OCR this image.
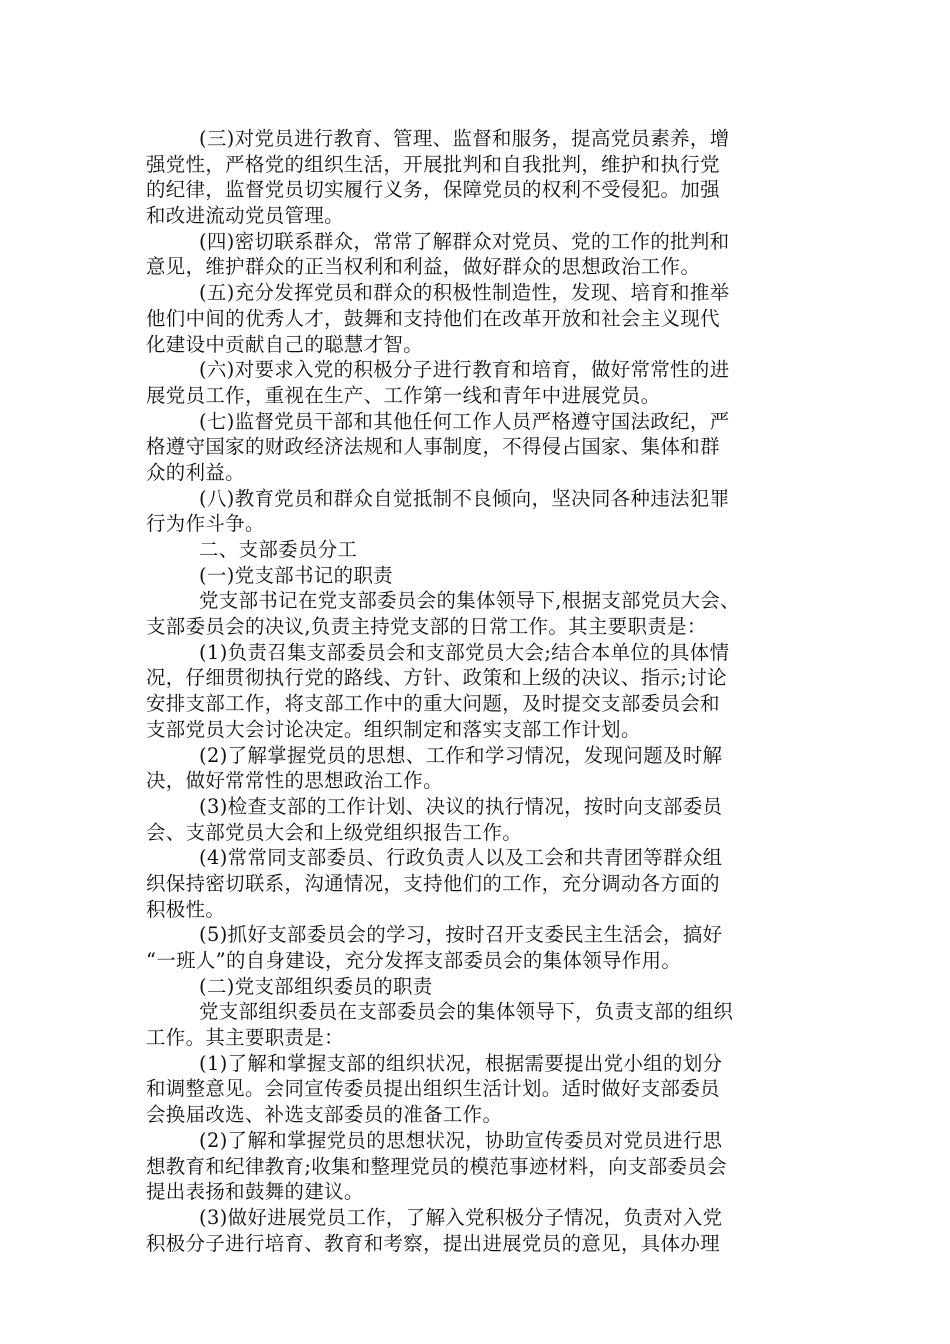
(三)对党员进行教育、管理、监督和服务，提高党员素养，增
强党性，严格党的组织生活，开展批判和自我批判，维护和执行党
的纪律，监督党员切实履行义务，保障党员的权利不受侵犯。加强
和改进流动党员管理。
(四)密切联系群众，常常了解群众对党员、党的工作的批判和
意见，维护群众的正当权利和利益，做好群众的思想政治工作。
(五)充分发挥党员和群众的积极性制造性，发现、培育和推举
他们中间的优秀人才，鼓舞和支持他们在改革开放和社会主义现代
化建设中贡献自己的聪慧才智。
(六)对要求入党的积极分子进行教育和培育，做好常常性的进
展党员工作，重视在生产、工作第一线和青年中进展党员。
(七)监督党员干部和其他任何工作人员严格遵守国法政纪，严
格遵守国家的财政经济法规和人事制度，不得侵占国家、集体和群
众的利益。
(八)教育党员和群众自觉抵制不良倾向，坚决同各种违法犯罪
行为作斗争。
二、支部委员分工
(一)党支部书记的职责
党支部书记在党支部委员会的集体领导下,根据支部党员大会、
支部委员会的决议,负责主持党支部的日常工作。其主要职责是：
(1)负责召集支部委员会和支部党员大会;结合本单位的具体情
况，仔细贯彻执行党的路线、方针、政策和上级的决议、指示;讨论
安排支部工作，将支部工作中的重大问题，及时提交支部委员会和
支部党员大会讨论决定。组织制定和落实支部工作计划。
(2)了解掌握党员的思想、工作和学习情况，发现问题及时解
决，做好常常性的思想政治工作。
(3)检查支部的工作计划、决议的执行情况，按时向支部委员
会、支部党员大会和上级党组织报告工作。
(4)常常同支部委员、行政负责人以及工会和共青团等群众组
织保持密切联系，沟通情况，支持他们的工作，充分调动各方面的
积极性。
(5)抓好支部委员会的学习，按时召开支委民主生活会，搞好
“一班人”的自身建设，充分发挥支部委员会的集体领导作用。
(二)党支部组织委员的职责
党支部组织委员在支部委员会的集体领导下，负责支部的组织
工作。其主要职责是：
(1)了解和掌握支部的组织状况，根据需要提出党小组的划分
和调整意见。会同宣传委员提出组织生活计划。适时做好支部委员
会换届改选、补选支部委员的准备工作。
(2)了解和掌握党员的思想状况，协助宣传委员对党员进行思
想教育和纪律教育;收集和整理党员的模范事迹材料，向支部委员会
提出表扬和鼓舞的建议。
(3)做好进展党员工作，了解入党积极分子情况，负责对入党
积极分子进行培育、教育和考察，提出进展党员的意见，具体办理
